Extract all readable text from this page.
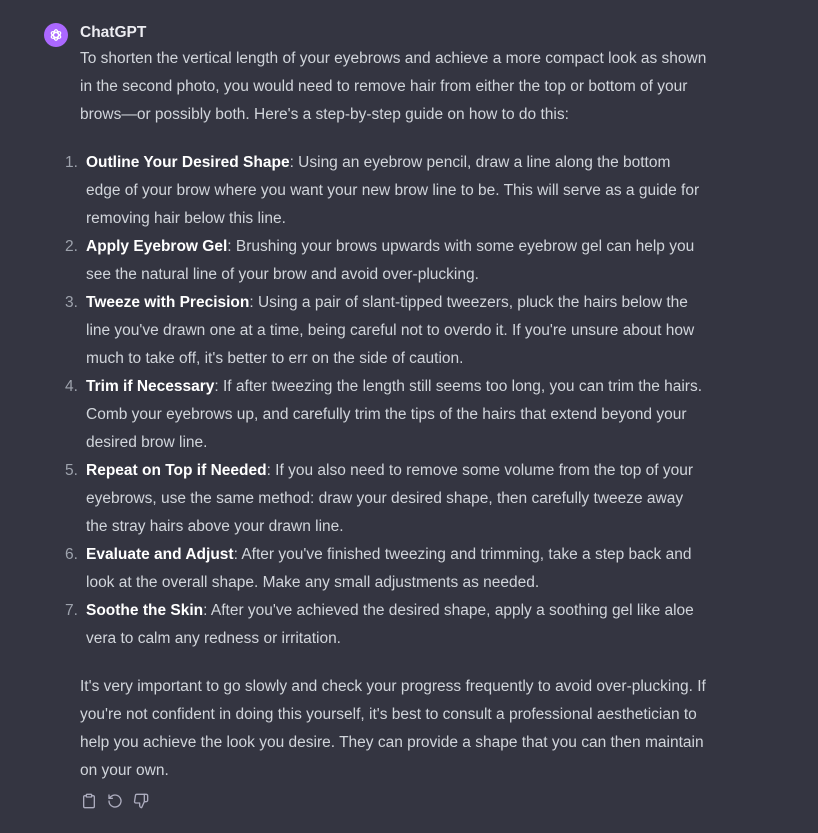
ChatGPT

To shorten the vertical length of your eyebrows and achieve a more compact look as shown in the second photo, you would need to remove hair from either the top or bottom of your brows—or possibly both. Here's a step-by-step guide on how to do this:

1. Outline Your Desired Shape: Using an eyebrow pencil, draw a line along the bottom edge of your brow where you want your new brow line to be. This will serve as a guide for removing hair below this line.
2. Apply Eyebrow Gel: Brushing your brows upwards with some eyebrow gel can help you see the natural line of your brow and avoid over-plucking.
3. Tweeze with Precision: Using a pair of slant-tipped tweezers, pluck the hairs below the line you've drawn one at a time, being careful not to overdo it. If you're unsure about how much to take off, it's better to err on the side of caution.
4. Trim if Necessary: If after tweezing the length still seems too long, you can trim the hairs. Comb your eyebrows up, and carefully trim the tips of the hairs that extend beyond your desired brow line.
5. Repeat on Top if Needed: If you also need to remove some volume from the top of your eyebrows, use the same method: draw your desired shape, then carefully tweeze away the stray hairs above your drawn line.
6. Evaluate and Adjust: After you've finished tweezing and trimming, take a step back and look at the overall shape. Make any small adjustments as needed.
7. Soothe the Skin: After you've achieved the desired shape, apply a soothing gel like aloe vera to calm any redness or irritation.

It's very important to go slowly and check your progress frequently to avoid over-plucking. If you're not confident in doing this yourself, it's best to consult a professional aesthetician to help you achieve the look you desire. They can provide a shape that you can then maintain on your own.
